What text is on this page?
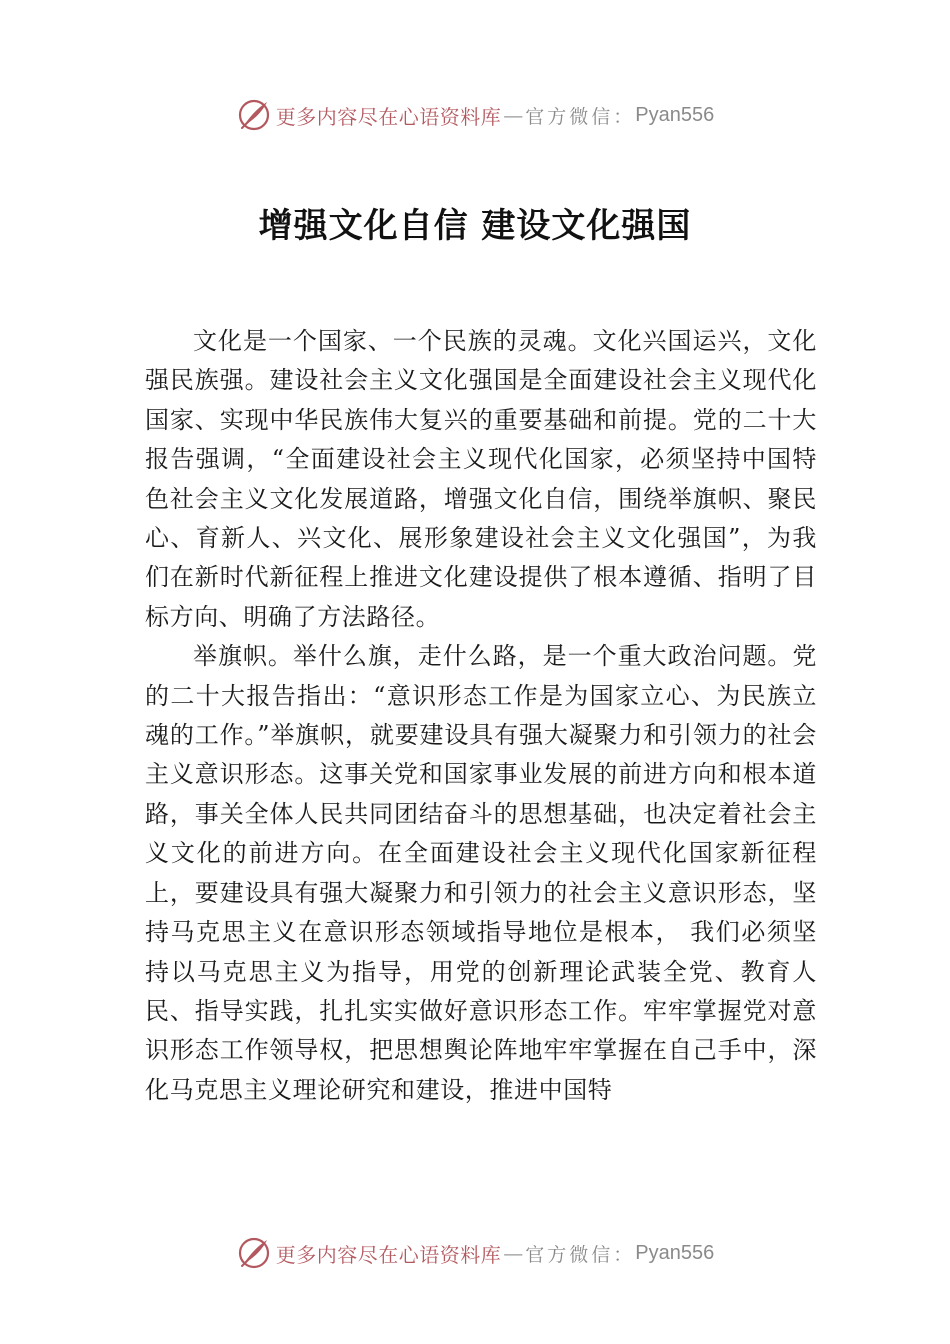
更多内容尽在心语资料库 — 官方微信： Pyan556
增强文化自信 建设文化强国

文化是一个国家、一个民族的灵魂。文化兴国运兴，文化强民族强。建设社会主义文化强国是全面建设社会主义现代化国家、实现中华民族伟大复兴的重要基础和前提。党的二十大报告强调，“全面建设社会主义现代化国家，必须坚持中国特色社会主义文化发展道路，增强文化自信，围绕举旗帜、聚民心、育新人、兴文化、展形象建设社会主义文化强国”，为我们在新时代新征程上推进文化建设提供了根本遵循、指明了目标方向、明确了方法路径。

举旗帜。举什么旗，走什么路，是一个重大政治问题。党的二十大报告指出：“意识形态工作是为国家立心、为民族立魂的工作。”举旗帜，就要建设具有强大凝聚力和引领力的社会主义意识形态。这事关党和国家事业发展的前进方向和根本道路，事关全体人民共同团结奋斗的思想基础，也决定着社会主义文化的前进方向。在全面建设社会主义现代化国家新征程上，要建设具有强大凝聚力和引领力的社会主义意识形态，坚持马克思主义在意识形态领域指导地位是根本， 我们必须坚持以马克思主义为指导，用党的创新理论武装全党、教育人民、指导实践，扎扎实实做好意识形态工作。牢牢掌握党对意识形态工作领导权，把思想舆论阵地牢牢掌握在自己手中，深化马克思主义理论研究和建设，推进中国特

更多内容尽在心语资料库 — 官方微信： Pyan556
